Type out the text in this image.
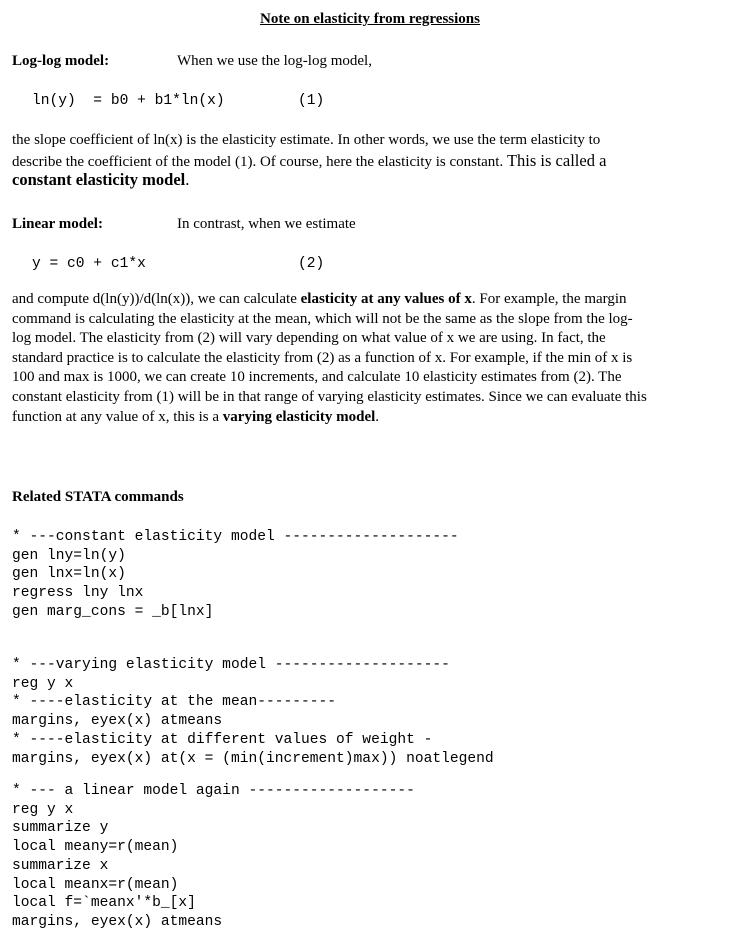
Note on elasticity from regressions
Log-log model:	When we use the log-log model,
ln(y)  = b0 + b1*ln(x)	(1)
the slope coefficient of ln(x) is the elasticity estimate. In other words, we use the term elasticity to
describe the coefficient of the model (1). Of course, here the elasticity is constant. This is called a
constant elasticity model.
Linear model:	In contrast, when we estimate
y = c0 + c1*x	(2)
and compute d(ln(y))/d(ln(x)), we can calculate elasticity at any values of x. For example, the margin
command is calculating the elasticity at the mean, which will not be the same as the slope from the log-
log model. The elasticity from (2) will vary depending on what value of x we are using. In fact, the
standard practice is to calculate the elasticity from (2) as a function of x. For example, if the min of x is
100 and max is 1000, we can create 10 increments, and calculate 10 elasticity estimates from (2). The
constant elasticity from (1) will be in that range of varying elasticity estimates. Since we can evaluate this
function at any value of x, this is a varying elasticity model.
Related STATA commands
* ---constant elasticity model --------------------
gen lny=ln(y)
gen lnx=ln(x)
regress lny lnx
gen marg_cons = _b[lnx]
* ---varying elasticity model --------------------
reg y x
* ----elasticity at the mean---------
margins, eyex(x) atmeans
* ----elasticity at different values of weight -
margins, eyex(x) at(x = (min(increment)max)) noatlegend
* --- a linear model again -------------------
reg y x
summarize y
local meany=r(mean)
summarize x
local meanx=r(mean)
local f=`meanx'*b_[x]
margins, eyex(x) atmeans
